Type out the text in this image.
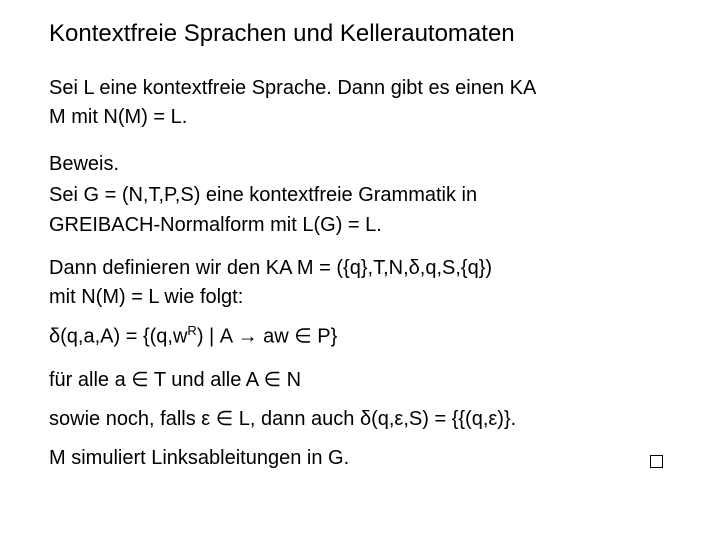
Kontextfreie Sprachen und Kellerautomaten
Sei L eine kontextfreie Sprache. Dann gibt es einen KA
M mit N(M) = L.
Beweis.
Sei G = (N,T,P,S) eine kontextfreie Grammatik in
GREIBACH-Normalform mit L(G) = L.
Dann definieren wir den KA M = ({q},T,N,δ,q,S,{q})
mit N(M) = L wie folgt:
$\delta(q,a,A) = \{(q,w^R)$ | A → aw ∈ P}
für alle a ∈ T und alle A ∈ N
sowie noch, falls ε ∈ L, dann auch δ(q,ε,S) = {{(q,ε)}.
M simuliert Linksableitungen in G.
